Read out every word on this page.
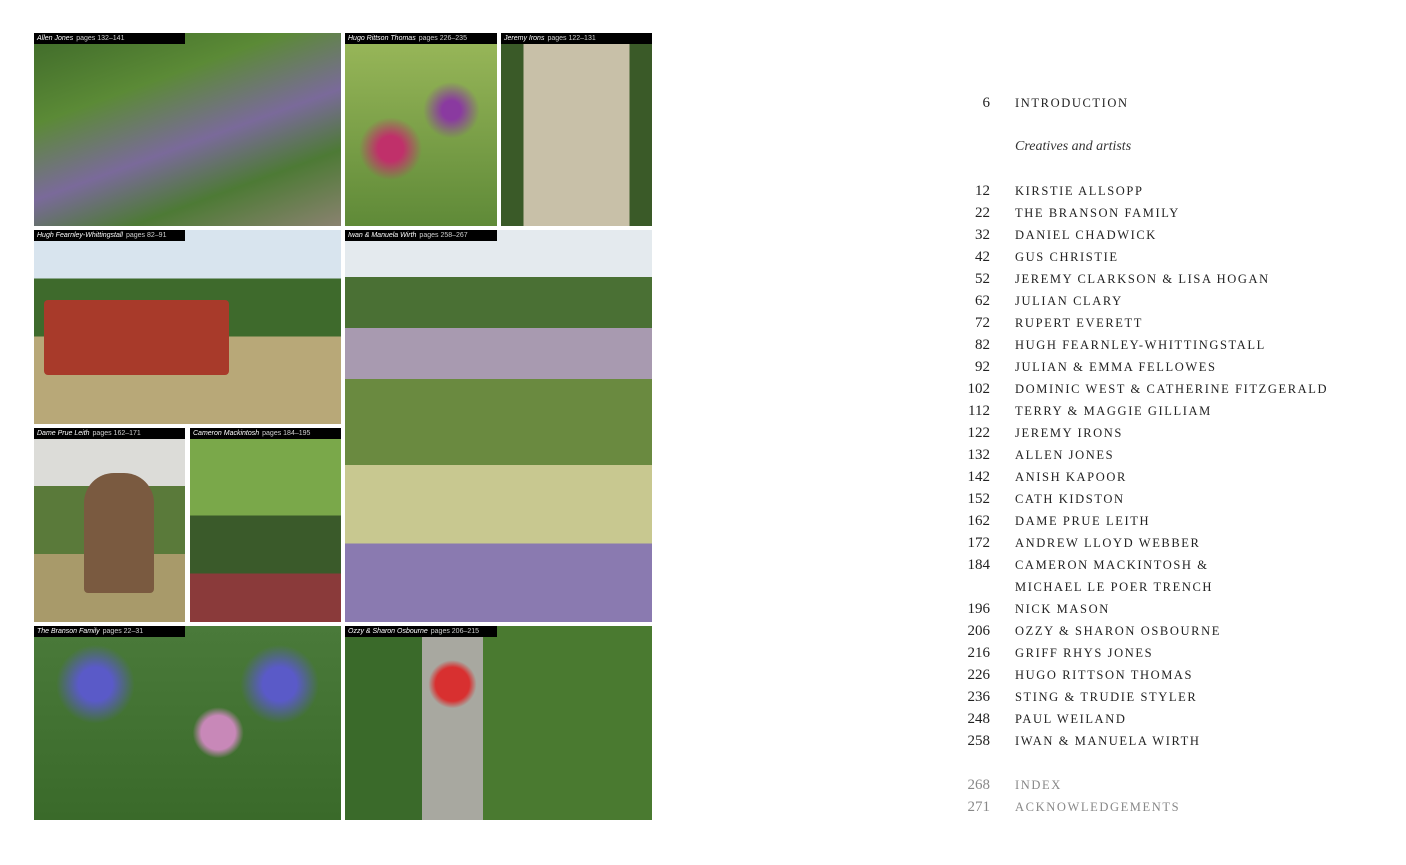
Allen Jones pages 132–141	Hugo Rittson Thomas pages 226–235	Jeremy Irons pages 122–131
Hugh Fearnley-Whittingstall pages 82–91	Iwan & Manuela Wirth pages 258–267
Dame Prue Leith pages 162–171	Cameron Mackintosh pages 184–195
The Branson Family pages 22–31	Ozzy & Sharon Osbourne pages 206–215
6 INTRODUCTION
Creatives and artists
12 KIRSTIE ALLSOPP
22 THE BRANSON FAMILY
32 DANIEL CHADWICK
42 GUS CHRISTIE
52 JEREMY CLARKSON & LISA HOGAN
62 JULIAN CLARY
72 RUPERT EVERETT
82 HUGH FEARNLEY-WHITTINGSTALL
92 JULIAN & EMMA FELLOWES
102 DOMINIC WEST & CATHERINE FITZGERALD
112 TERRY & MAGGIE GILLIAM
122 JEREMY IRONS
132 ALLEN JONES
142 ANISH KAPOOR
152 CATH KIDSTON
162 DAME PRUE LEITH
172 ANDREW LLOYD WEBBER
184 CAMERON MACKINTOSH &
MICHAEL LE POER TRENCH
196 NICK MASON
206 OZZY & SHARON OSBOURNE
216 GRIFF RHYS JONES
226 HUGO RITTSON THOMAS
236 STING & TRUDIE STYLER
248 PAUL WEILAND
258 IWAN & MANUELA WIRTH
268 INDEX
271 ACKNOWLEDGEMENTS
